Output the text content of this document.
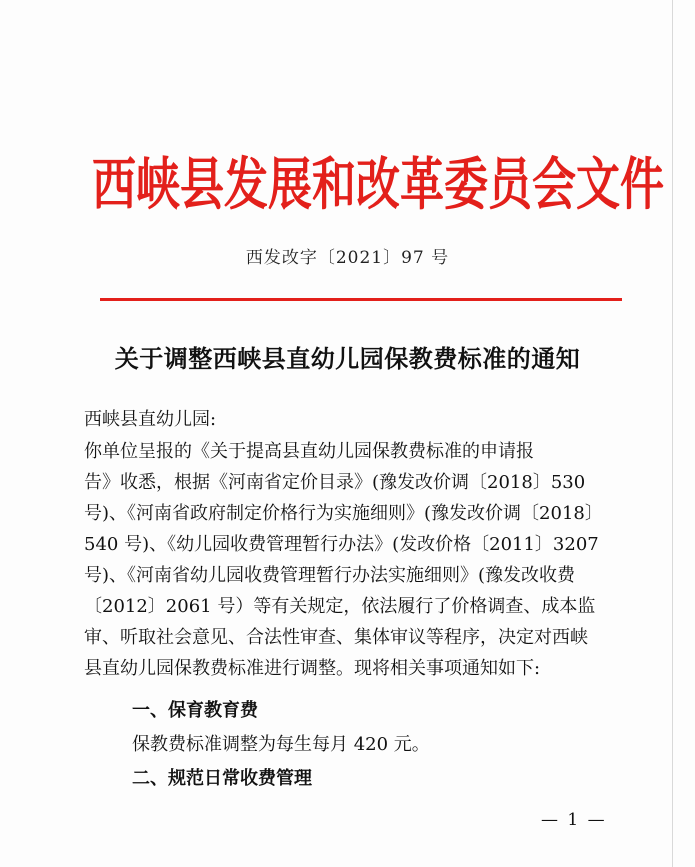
西峡县发展和改革委员会文件
西发改字〔2021〕97 号
关于调整西峡县直幼儿园保教费标准的通知
西峡县直幼儿园:
你单位呈报的《关于提高县直幼儿园保教费标准的申请报
告》收悉，根据《河南省定价目录》(豫发改价调〔2018〕530
号)、《河南省政府制定价格行为实施细则》(豫发改价调〔2018〕
540 号)、《幼儿园收费管理暂行办法》(发改价格〔2011〕3207
号)、《河南省幼儿园收费管理暂行办法实施细则》(豫发改收费
〔2012〕2061 号）等有关规定，依法履行了价格调查、成本监
审、听取社会意见、合法性审查、集体审议等程序，决定对西峡
县直幼儿园保教费标准进行调整。现将相关事项通知如下:
一、保育教育费
保教费标准调整为每生每月 420 元。
二、规范日常收费管理
— 1 —
